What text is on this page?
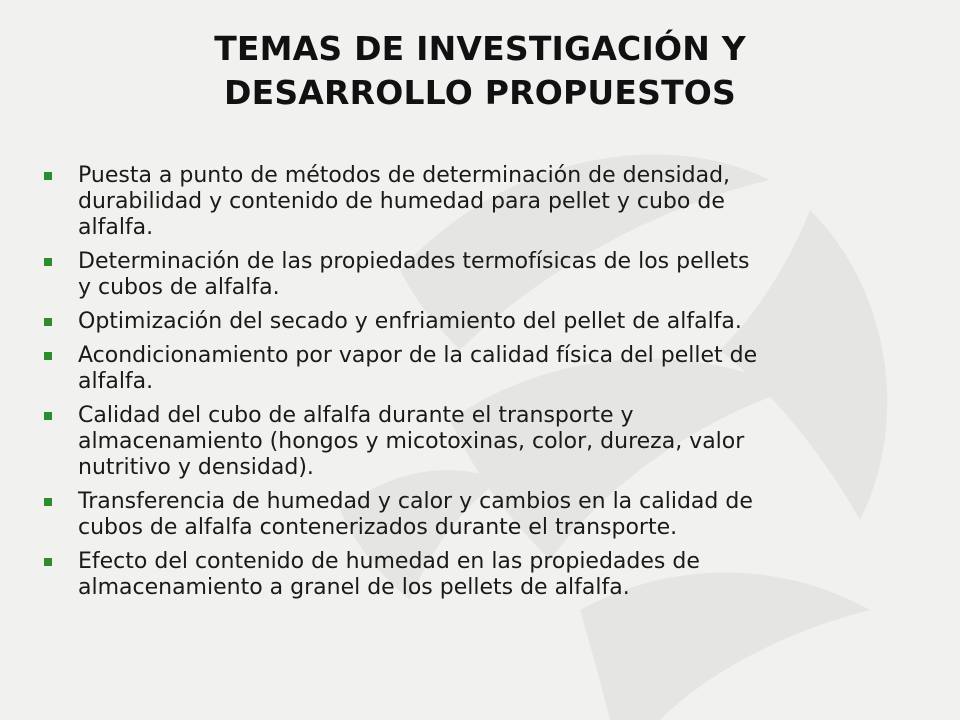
TEMAS DE INVESTIGACIÓN Y
DESARROLLO PROPUESTOS
Puesta a punto de métodos de determinación de densidad,
durabilidad y contenido de humedad para pellet y cubo de
alfalfa.
Determinación de las propiedades termofísicas de los pellets
y cubos de alfalfa.
Optimización del secado y enfriamiento del pellet de alfalfa.
Acondicionamiento por vapor de la calidad física del pellet de
alfalfa.
Calidad del cubo de alfalfa durante el transporte y
almacenamiento (hongos y micotoxinas, color, dureza, valor
nutritivo y densidad).
Transferencia de humedad y calor y cambios en la calidad de
cubos de alfalfa contenerizados durante el transporte.
Efecto del contenido de humedad en las propiedades de
almacenamiento a granel de los pellets de alfalfa.
